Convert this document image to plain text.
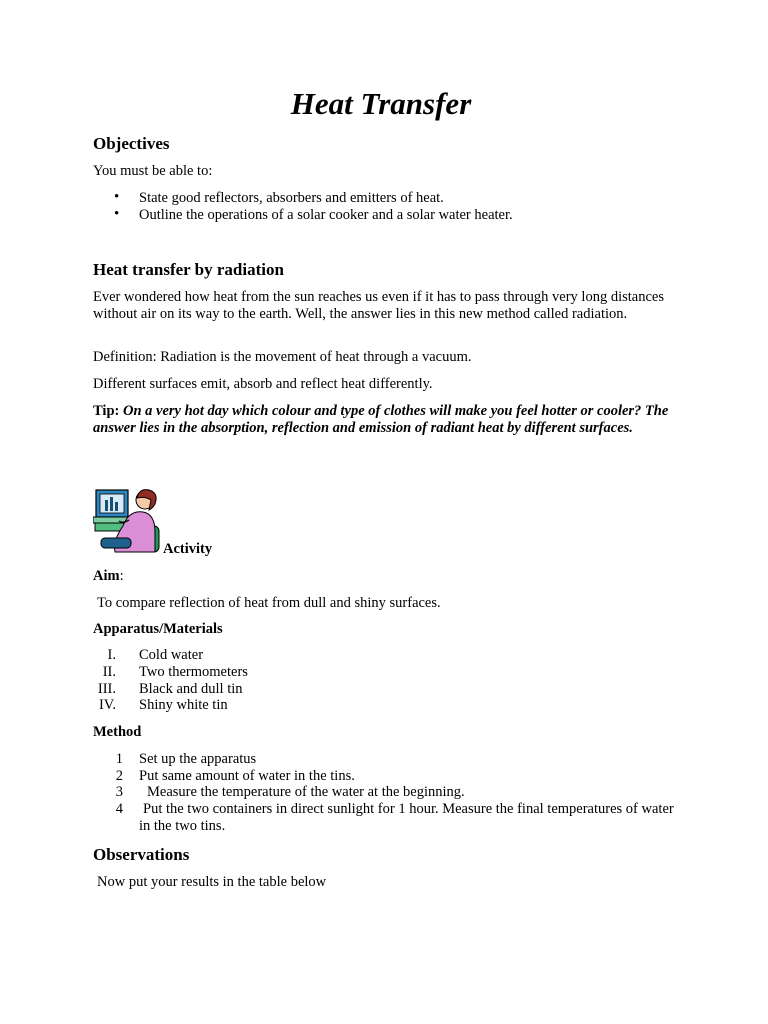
Heat Transfer
Objectives
You must be able to:
• State good reflectors, absorbers and emitters of heat.
• Outline the operations of a solar cooker and a solar water heater.
Heat transfer by radiation
Ever wondered how heat from the sun reaches us even if it has to pass through very long distances without air on its way to the earth. Well, the answer lies in this new method called radiation.
Definition: Radiation is the movement of heat through a vacuum.
Different surfaces emit, absorb and reflect heat differently.
Tip: On a very hot day which colour and type of clothes will make you feel hotter or cooler? The answer lies in the absorption, reflection and emission of radiant heat by different surfaces.
Activity
Aim:
To compare reflection of heat from dull and shiny surfaces.
Apparatus/Materials
I. Cold water
II. Two thermometers
III. Black and dull tin
IV. Shiny white tin
Method
1 Set up the apparatus
2 Put same amount of water in the tins.
3 Measure the temperature of the water at the beginning.
4 Put the two containers in direct sunlight for 1 hour. Measure the final temperatures of water in the two tins.
Observations
Now put your results in the table below
